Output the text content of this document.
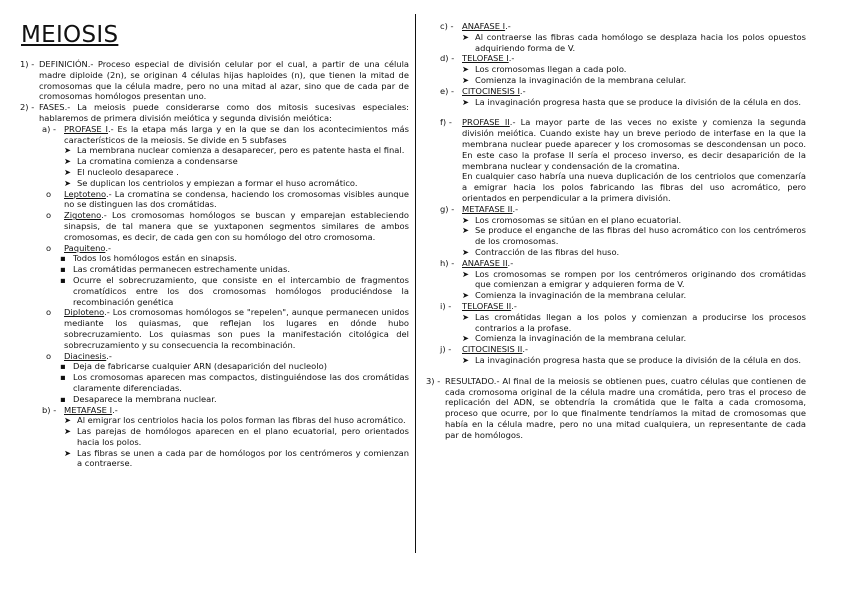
MEIOSIS
1) - DEFINICIÓN.- Proceso especial de división celular por el cual, a partir de una célula madre diploide (2n), se originan 4 células hijas haploides (n), que tienen la mitad de cromosomas que la célula madre, pero no una mitad al azar, sino que de cada par de cromosomas homólogos presentan uno.
2) - FASES.- La meiosis puede considerarse como dos mitosis sucesivas especiales: hablaremos de primera división meiótica y segunda división meiótica:
a) - PROFASE I.- Es la etapa más larga y en la que se dan los acontecimientos más característicos de la meiosis. Se divide en 5 subfases
➤ La membrana nuclear comienza a desaparecer, pero es patente hasta el final.
➤ La cromatina comienza a condensarse
➤ El nucleolo desaparece .
➤ Se duplican los centriolos y empiezan a formar el huso acromático.
o	Leptoteno.- La cromatina se condensa, haciendo los cromosomas visibles aunque no se distinguen las dos cromátidas.
o	Zigoteno.- Los cromosomas homólogos se buscan y emparejan estableciendo sinapsis, de tal manera que se yuxtaponen segmentos similares de ambos cromosomas, es decir, de cada gen con su homólogo del otro cromosoma.
o	Paquiteno.-
▪ Todos los homólogos están en sinapsis.
▪ Las cromátidas permanecen estrechamente unidas.
▪ Ocurre el sobrecruzamiento, que consiste en el intercambio de fragmentos cromatídicos entre los dos cromosomas homólogos produciéndose la recombinación genética
o	Diploteno.- Los cromosomas homólogos se "repelen", aunque permanecen unidos mediante los quiasmas, que reflejan los lugares en dónde hubo sobrecruzamiento. Los quiasmas son pues la manifestación citológica del sobrecruzamiento y su consecuencia la recombinación.
o	Diacinesis.-
▪ Deja de fabricarse cualquier ARN (desaparición del nucleolo)
▪ Los cromosomas aparecen mas compactos, distinguiéndose las dos cromátidas claramente diferenciadas.
▪ Desaparece la membrana nuclear.
b) - METAFASE I.-
➤ Al emigrar los centriolos hacia los polos forman las fibras del huso acromático.
➤ Las parejas de homólogos aparecen en el plano ecuatorial, pero orientados hacia los polos.
➤ Las fibras se unen a cada par de homólogos por los centrómeros y comienzan a contraerse.
c) -	ANAFASE I.-
➤ Al contraerse las fibras cada homólogo se desplaza hacia los polos opuestos adquiriendo forma de V.
d) - TELOFASE I.-
➤ Los cromosomas llegan a cada polo.
➤ Comienza la invaginación de la membrana celular.
e) - CITOCINESIS I.-
➤ La invaginación progresa hasta que se produce la división de la célula en dos.
f) -	PROFASE II.- La mayor parte de las veces no existe y comienza la segunda división meiótica. Cuando existe hay un breve periodo de interfase en la que la membrana nuclear puede aparecer y los cromosomas se descondensan un poco. En este caso la profase II sería el proceso inverso, es decir desaparición de la membrana nuclear y condensación de la cromatina.
En cualquier caso habría una nueva duplicación de los centriolos que comenzaría a emigrar hacia los polos fabricando las fibras del uso acromático, pero orientados en perpendicular a la primera división.
g) - METAFASE II.-
➤ Los cromosomas se sitúan en el plano ecuatorial.
➤ Se produce el enganche de las fibras del huso acromático con los centrómeros de los cromosomas.
➤ Contracción de las fibras del huso.
h) - ANAFASE II.-
➤ Los cromosomas se rompen por los centrómeros originando dos cromátidas que comienzan a emigrar y adquieren forma de V.
➤ Comienza la invaginación de la membrana celular.
i) -	TELOFASE II.-
➤ Las cromátidas llegan a los polos y comienzan a producirse los procesos contrarios a la profase.
➤ Comienza la invaginación de la membrana celular.
j) -	CITOCINESIS II.-
➤ La invaginación progresa hasta que se produce la división de la célula en dos.
3) - RESULTADO.- Al final de la meiosis se obtienen pues, cuatro células que contienen de cada cromosoma original de la célula madre una cromátida, pero tras el proceso de replicación del ADN, se obtendría la cromátida que le falta a cada cromosoma, proceso que ocurre, por lo que finalmente tendríamos la mitad de cromosomas que había en la célula madre, pero no una mitad cualquiera, un representante de cada par de homólogos.
